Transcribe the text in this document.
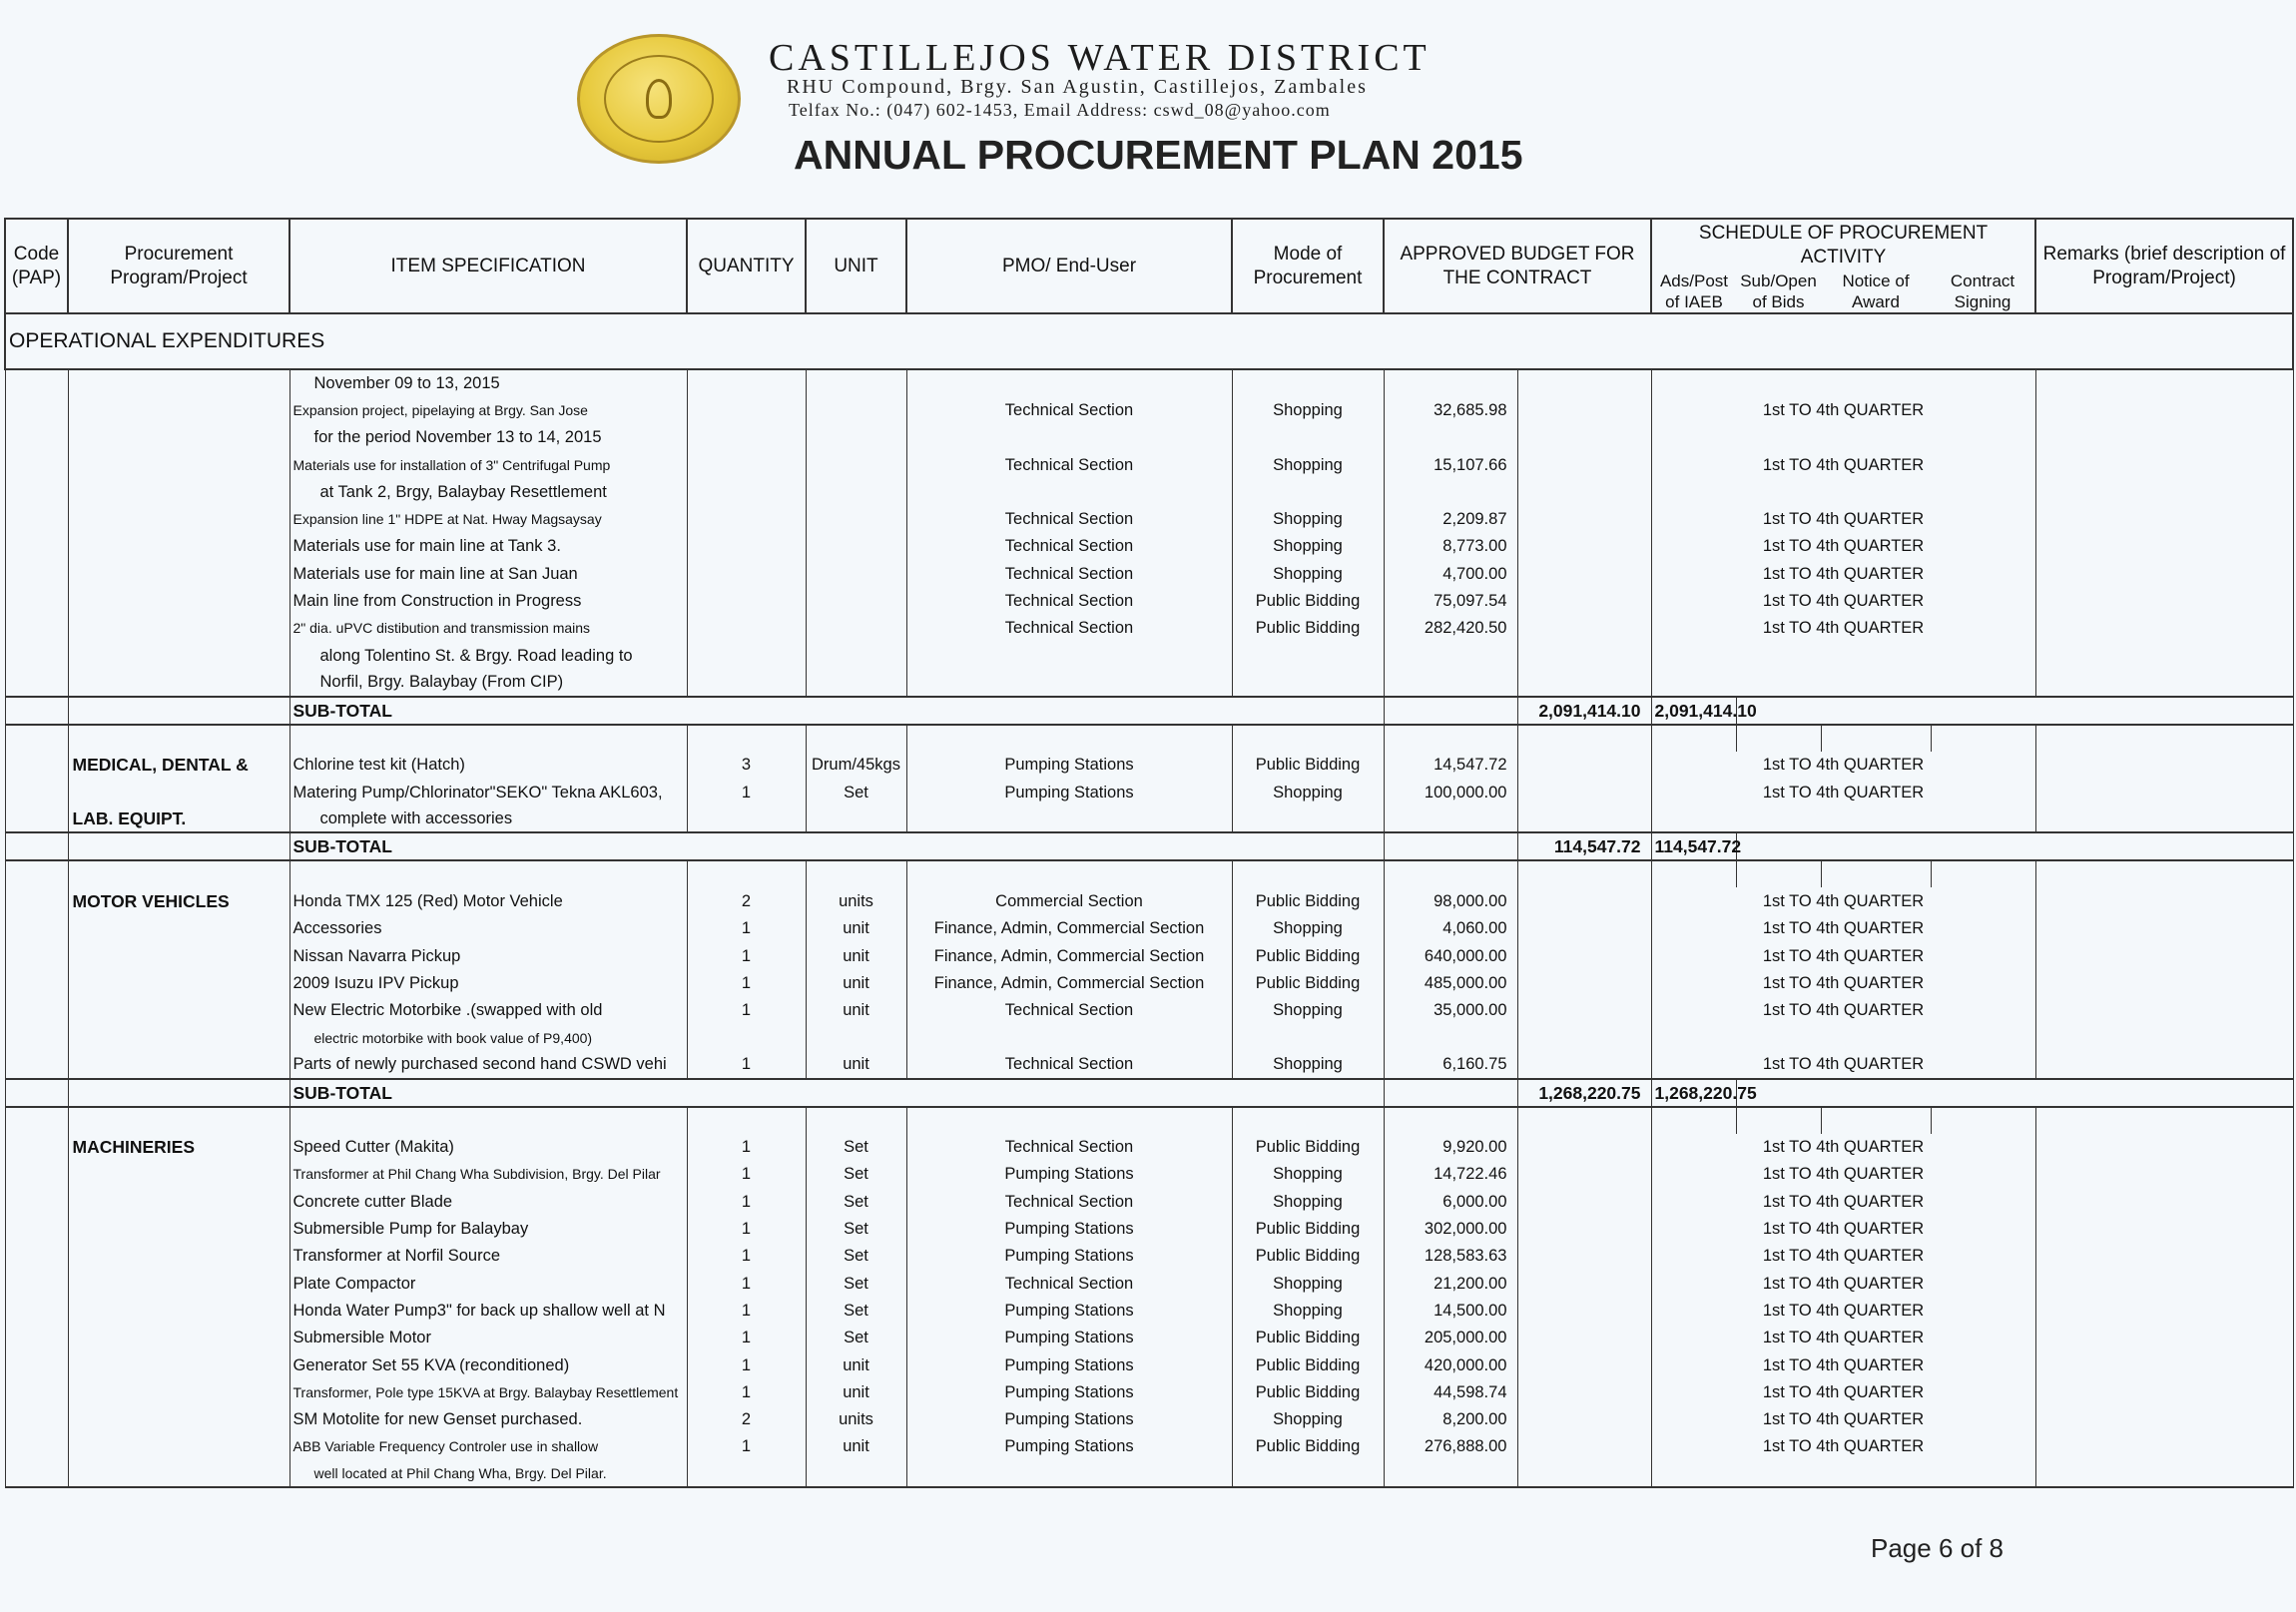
CASTILLEJOS WATER DISTRICT
RHU Compound, Brgy. San Agustin, Castillejos, Zambales
Telfax No.: (047) 602-1453, Email Address: cswd_08@yahoo.com
ANNUAL PROCUREMENT PLAN 2015
Code (PAP)	Procurement Program/Project	ITEM SPECIFICATION	QUANTITY	UNIT	PMO/ End-User	Mode of Procurement	APPROVED BUDGET FOR THE CONTRACT		SCHEDULE OF PROCUREMENT ACTIVITY				Remarks (brief description of Program/Project)	
									Ads/Post of IAEB	Sub/Open of Bids	Notice of Award	Contract Signing		
OPERATIONAL EXPENDITURES														
		November 09 to 13, 2015												
		Expansion project, pipelaying at Brgy. San Jose			Technical Section	Shopping	32,685.98		1st TO 4th QUARTER					
		for the period November 13 to 14, 2015												
		Materials use for installation of 3" Centrifugal Pump			Technical Section	Shopping	15,107.66		1st TO 4th QUARTER					
		at Tank 2, Brgy, Balaybay Resettlement												
		Expansion line 1" HDPE at Nat. Hway Magsaysay			Technical Section	Shopping	2,209.87		1st TO 4th QUARTER					
		Materials use for main line at Tank 3.			Technical Section	Shopping	8,773.00		1st TO 4th QUARTER					
		Materials use for main line at San Juan			Technical Section	Shopping	4,700.00		1st TO 4th QUARTER					
		Main line from Construction in Progress			Technical Section	Public Bidding	75,097.54		1st TO 4th QUARTER					
		2" dia. uPVC distibution and transmission mains			Technical Section	Public Bidding	282,420.50		1st TO 4th QUARTER					
		along Tolentino St. & Brgy. Road leading to												
		Norfil, Brgy. Balaybay (From CIP)												
		SUB-TOTAL						2,091,414.10	2,091,414.10					

	MEDICAL, DENTAL &	Chlorine test kit (Hatch)	3	Drum/45kgs	Pumping Stations	Public Bidding	14,547.72		1st TO 4th QUARTER					
		Matering Pump/Chlorinator"SEKO" Tekna AKL603,	1	Set	Pumping Stations	Shopping	100,000.00		1st TO 4th QUARTER					
	LAB. EQUIPT.	complete with accessories												
		SUB-TOTAL						114,547.72	114,547.72					

	MOTOR VEHICLES	Honda TMX 125 (Red) Motor Vehicle	2	units	Commercial Section	Public Bidding	98,000.00		1st TO 4th QUARTER					
		Accessories	1	unit	Finance, Admin, Commercial Section	Shopping	4,060.00		1st TO 4th QUARTER					
		Nissan Navarra Pickup	1	unit	Finance, Admin, Commercial Section	Public Bidding	640,000.00		1st TO 4th QUARTER					
		2009 Isuzu IPV Pickup	1	unit	Finance, Admin, Commercial Section	Public Bidding	485,000.00		1st TO 4th QUARTER					
		New Electric Motorbike .(swapped with old	1	unit	Technical Section	Shopping	35,000.00		1st TO 4th QUARTER					
		electric motorbike with book value of P9,400)												
		Parts of newly purchased second hand CSWD vehi	1	unit	Technical Section	Shopping	6,160.75		1st TO 4th QUARTER					
		SUB-TOTAL						1,268,220.75	1,268,220.75					

	MACHINERIES	Speed Cutter (Makita)	1	Set	Technical Section	Public Bidding	9,920.00		1st TO 4th QUARTER					
		Transformer at Phil Chang Wha Subdivision, Brgy. Del Pilar	1	Set	Pumping Stations	Shopping	14,722.46		1st TO 4th QUARTER					
		Concrete cutter Blade	1	Set	Technical Section	Shopping	6,000.00		1st TO 4th QUARTER					
		Submersible Pump for Balaybay	1	Set	Pumping Stations	Public Bidding	302,000.00		1st TO 4th QUARTER					
		Transformer at Norfil Source	1	Set	Pumping Stations	Public Bidding	128,583.63		1st TO 4th QUARTER					
		Plate Compactor	1	Set	Technical Section	Shopping	21,200.00		1st TO 4th QUARTER					
		Honda Water Pump3" for back up shallow well at N	1	Set	Pumping Stations	Shopping	14,500.00		1st TO 4th QUARTER					
		Submersible Motor	1	Set	Pumping Stations	Public Bidding	205,000.00		1st TO 4th QUARTER					
		Generator Set 55 KVA (reconditioned)	1	unit	Pumping Stations	Public Bidding	420,000.00		1st TO 4th QUARTER					
		Transformer, Pole type 15KVA at Brgy. Balaybay Resettlement	1	unit	Pumping Stations	Public Bidding	44,598.74		1st TO 4th QUARTER					
		SM Motolite for new Genset purchased.	2	units	Pumping Stations	Shopping	8,200.00		1st TO 4th QUARTER					
		ABB Variable Frequency Controler use in shallow	1	unit	Pumping Stations	Public Bidding	276,888.00		1st TO 4th QUARTER					
		well located at Phil Chang Wha, Brgy. Del Pilar.												
Page 6 of 8
